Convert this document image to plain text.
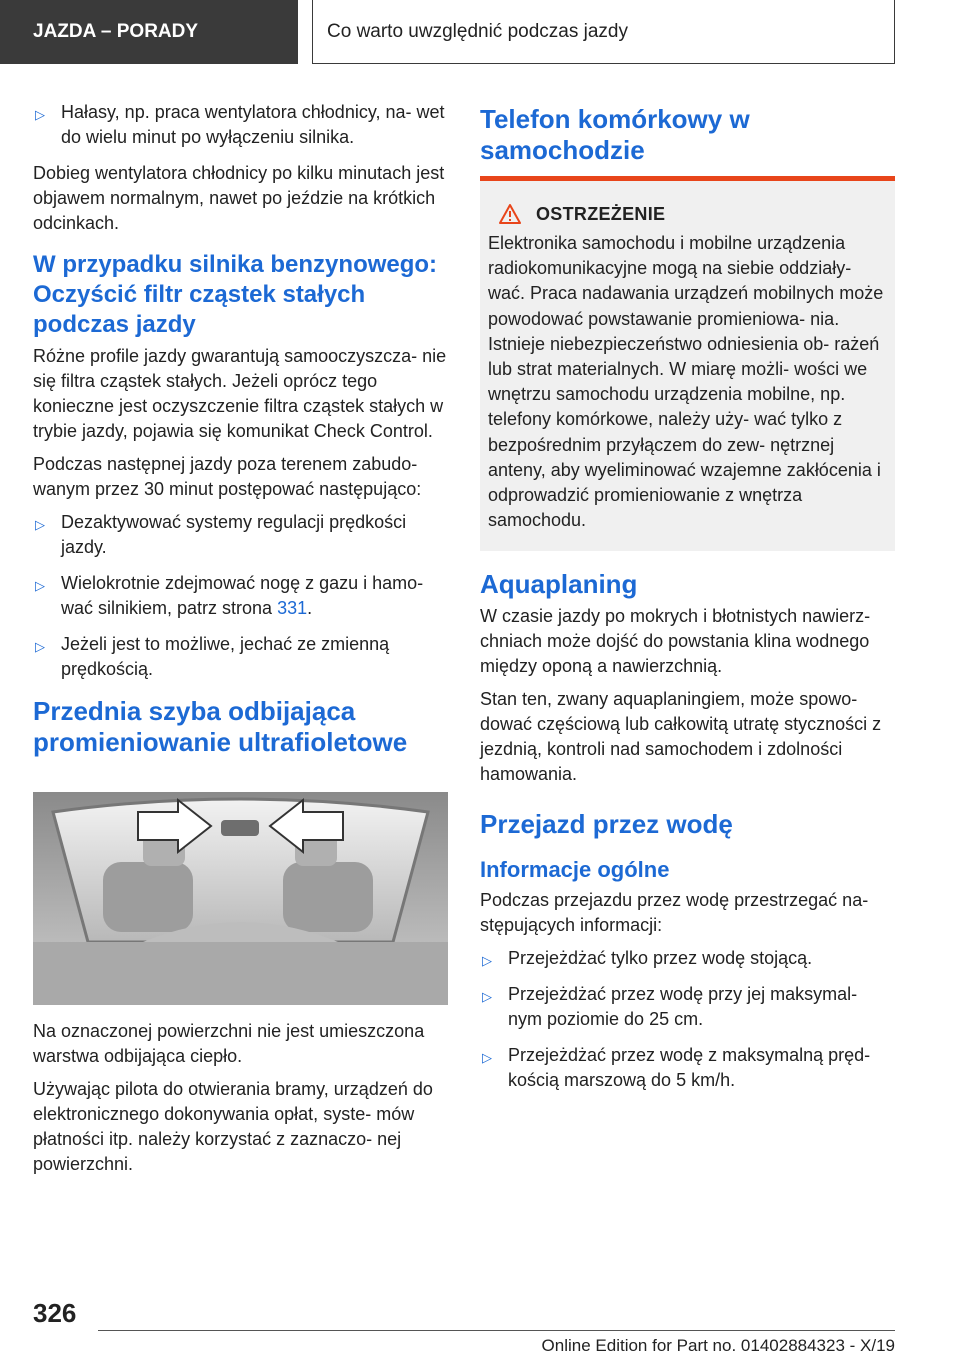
JAZDA – PORADY	Co warto uwzględnić podczas jazdy
▷ Hałasy, np. praca wentylatora chłodnicy, na- wet do wielu minut po wyłączeniu silnika.

Dobieg wentylatora chłodnicy po kilku minutach jest objawem normalnym, nawet po jeździe na krótkich odcinkach.

W przypadku silnika benzynowego: Oczyścić filtr cząstek stałych podczas jazdy

Różne profile jazdy gwarantują samooczyszcza- nie się filtra cząstek stałych. Jeżeli oprócz tego konieczne jest oczyszczenie filtra cząstek stałych w trybie jazdy, pojawia się komunikat Check Control.

Podczas następnej jazdy poza terenem zabudo- wanym przez 30 minut postępować następująco:

▷ Dezaktywować systemy regulacji prędkości jazdy.
▷ Wielokrotnie zdejmować nogę z gazu i hamo- wać silnikiem, patrz strona 331.
▷ Jeżeli jest to możliwe, jechać ze zmienną prędkością.
Przednia szyba odbijająca promieniowanie ultrafioletowe

Na oznaczonej powierzchni nie jest umieszczona warstwa odbijająca ciepło.

Używając pilota do otwierania bramy, urządzeń do elektronicznego dokonywania opłat, syste- mów płatności itp. należy korzystać z zaznaczo- nej powierzchni.

Telefon komórkowy w samochodzie
OSTRZEŻENIE

Elektronika samochodu i mobilne urządzenia radiokomunikacyjne mogą na siebie oddziały- wać. Praca nadawania urządzeń mobilnych może powodować powstawanie promieniowa- nia. Istnieje niebezpieczeństwo odniesienia ob- rażeń lub strat materialnych. W miarę możli- wości we wnętrzu samochodu urządzenia mobilne, np. telefony komórkowe, należy uży- wać tylko z bezpośrednim przyłączem do zew- nętrznej anteny, aby wyeliminować wzajemne zakłócenia i odprowadzić promieniowanie z wnętrza samochodu.

Aquaplaning

W czasie jazdy po mokrych i błotnistych nawierz- chniach może dojść do powstania klina wodnego między oponą a nawierzchnią.

Stan ten, zwany aquaplaningiem, może spowo- dować częściową lub całkowitą utratę styczności z jezdnią, kontroli nad samochodem i zdolności hamowania.

Przejazd przez wodę
Informacje ogólne

Podczas przejazdu przez wodę przestrzegać na- stępujących informacji:

▷ Przejeżdżać tylko przez wodę stojącą.
▷ Przejeżdżać przez wodę przy jej maksymal- nym poziomie do 25 cm.
▷ Przejeżdżać przez wodę z maksymalną pręd- kością marszową do 5 km/h.
326
Online Edition for Part no. 01402884323 - X/19
